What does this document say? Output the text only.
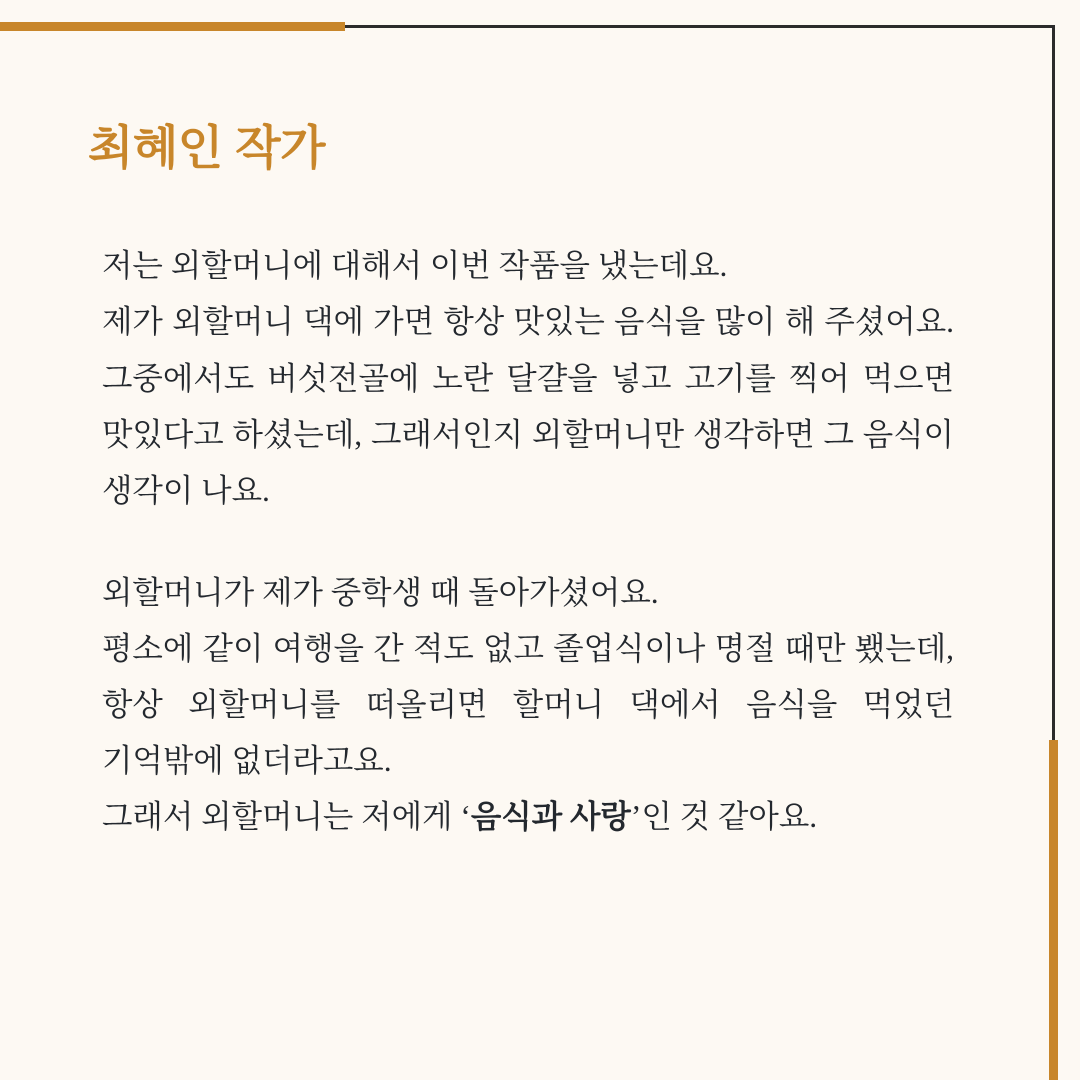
최혜인 작가

저는 외할머니에 대해서 이번 작품을 냈는데요.

제가 외할머니 댁에 가면 항상 맛있는 음식을 많이 해 주셨어요. 그중에서도 버섯전골에 노란 달걀을 넣고 고기를 찍어 먹으면 맛있다고 하셨는데, 그래서인지 외할머니만 생각하면 그 음식이 생각이 나요.

외할머니가 제가 중학생 때 돌아가셨어요.

평소에 같이 여행을 간 적도 없고 졸업식이나 명절 때만 뵀는데, 항상 외할머니를 떠올리면 할머니 댁에서 음식을 먹었던 기억밖에 없더라고요.

그래서 외할머니는 저에게 ‘음식과 사랑’인 것 같아요.
